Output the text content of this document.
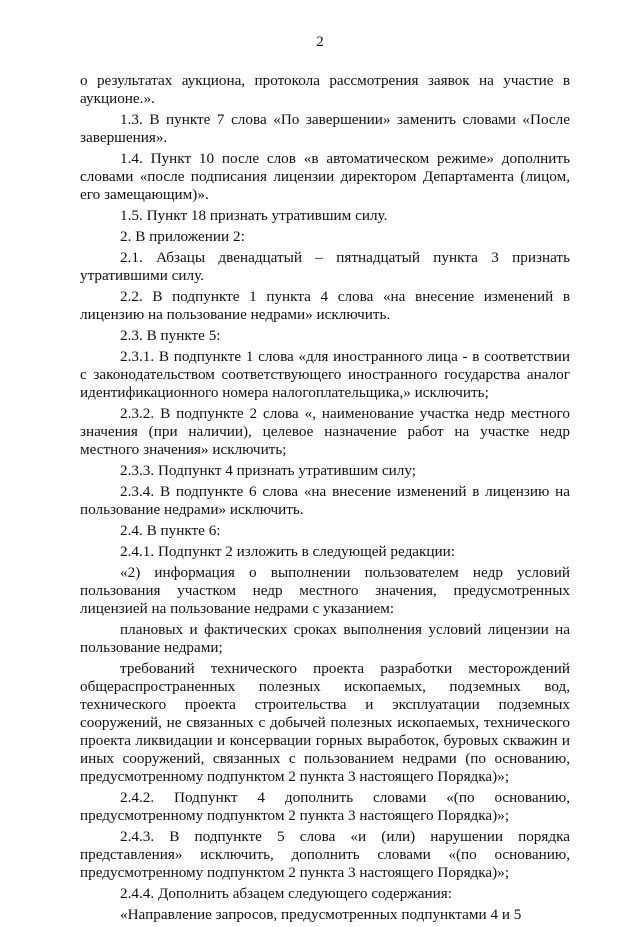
2

о результатах аукциона, протокола рассмотрения заявок на участие в аукционе.».

1.3. В пункте 7 слова «По завершении» заменить словами «После завершения».

1.4. Пункт 10 после слов «в автоматическом режиме» дополнить словами «после подписания лицензии директором Департамента (лицом, его замещающим)».

1.5. Пункт 18 признать утратившим силу.

2. В приложении 2:

2.1. Абзацы двенадцатый – пятнадцатый пункта 3 признать утратившими силу.

2.2. В подпункте 1 пункта 4 слова «на внесение изменений в лицензию на пользование недрами» исключить.

2.3. В пункте 5:

2.3.1. В подпункте 1 слова «для иностранного лица - в соответствии с законодательством соответствующего иностранного государства аналог идентификационного номера налогоплательщика,» исключить;

2.3.2. В подпункте 2 слова «, наименование участка недр местного значения (при наличии), целевое назначение работ на участке недр местного значения» исключить;

2.3.3. Подпункт 4 признать утратившим силу;

2.3.4. В подпункте 6 слова «на внесение изменений в лицензию на пользование недрами» исключить.

2.4. В пункте 6:

2.4.1. Подпункт 2 изложить в следующей редакции:

«2) информация о выполнении пользователем недр условий пользования участком недр местного значения, предусмотренных лицензией на пользование недрами с указанием:

плановых и фактических сроках выполнения условий лицензии на пользование недрами;

требований технического проекта разработки месторождений общераспространенных полезных ископаемых, подземных вод, технического проекта строительства и эксплуатации подземных сооружений, не связанных с добычей полезных ископаемых, технического проекта ликвидации и консервации горных выработок, буровых скважин и иных сооружений, связанных с пользованием недрами (по основанию, предусмотренному подпунктом 2 пункта 3 настоящего Порядка)»;

2.4.2. Подпункт 4 дополнить словами «(по основанию, предусмотренному подпунктом 2 пункта 3 настоящего Порядка)»;

2.4.3. В подпункте 5 слова «и (или) нарушении порядка представления» исключить, дополнить словами «(по основанию, предусмотренному подпунктом 2 пункта 3 настоящего Порядка)»;

2.4.4. Дополнить абзацем следующего содержания:

«Направление запросов, предусмотренных подпунктами 4 и 5
